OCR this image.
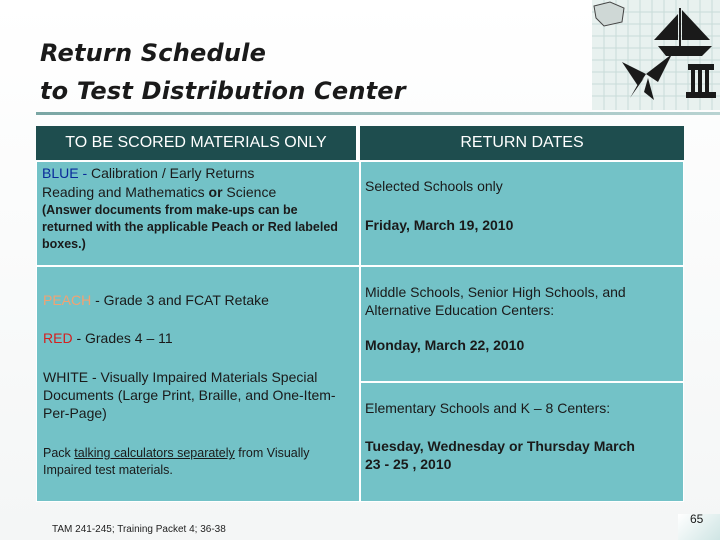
Return Schedule
to Test Distribution Center
TO BE SCORED MATERIALS ONLY	RETURN DATES
BLUE - Calibration / Early Returns
Reading and Mathematics or Science
(Answer documents from make-ups can be returned with the applicable Peach or Red labeled boxes.)
Selected Schools only
Friday, March 19, 2010
PEACH - Grade 3 and FCAT Retake
RED - Grades 4 – 11
WHITE - Visually Impaired Materials Special Documents (Large Print, Braille, and One-Item-Per-Page)
Pack talking calculators separately from Visually Impaired test materials.
Middle Schools, Senior High Schools, and Alternative Education Centers:
Monday, March 22, 2010
Elementary Schools and K – 8 Centers:
Tuesday, Wednesday or Thursday March 23 - 25 , 2010
TAM 241-245; Training Packet 4; 36-38
65
